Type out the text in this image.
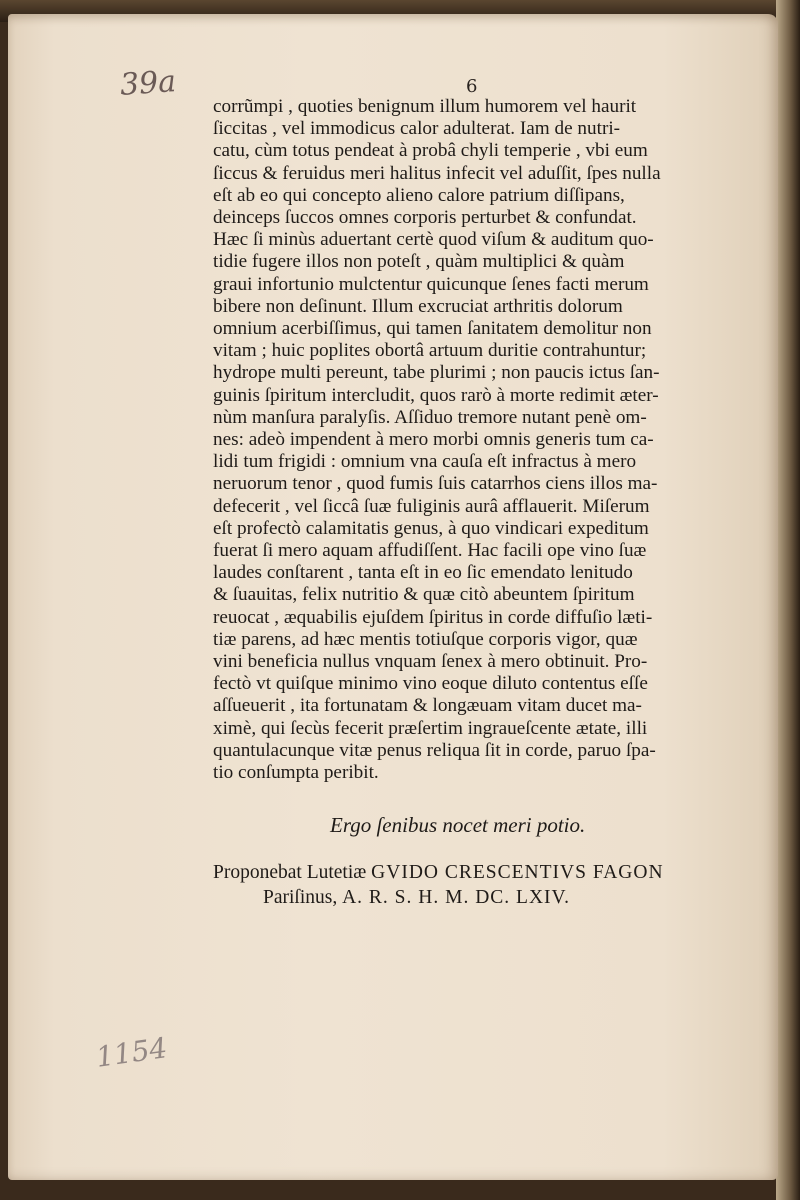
39a	6
corrũmpi , quoties benignum illum humorem vel haurit
ſiccitas , vel immodicus calor adulterat. Iam de nutri-
catu, cùm totus pendeat à probâ chyli temperie , vbi eum
ſiccus & feruidus meri halitus infecit vel aduſſit, ſpes nulla
eſt ab eo qui concepto alieno calore patrium diſſipans,
deinceps ſuccos omnes corporis perturbet & confundat.
Hæc ſi minùs aduertant certè quod viſum & auditum quo-
tidie fugere illos non poteſt , quàm multiplici & quàm
graui infortunio mulctentur quicunque ſenes facti merum
bibere non deſinunt. Illum excruciat arthritis dolorum
omnium acerbiſſimus, qui tamen ſanitatem demolitur non
vitam ; huic poplites obortâ artuum duritie contrahuntur;
hydrope multi pereunt, tabe plurimi ; non paucis ictus ſan-
guinis ſpiritum intercludit, quos rarò à morte redimit æter-
nùm manſura paralyſis. Aſſiduo tremore nutant penè om-
nes: adeò impendent à mero morbi omnis generis tum ca-
lidi tum frigidi : omnium vna cauſa eſt infractus à mero
neruorum tenor , quod fumis ſuis catarrhos ciens illos ma-
defecerit , vel ſiccâ ſuæ fuliginis aurâ afflauerit. Miſerum
eſt profectò calamitatis genus, à quo vindicari expeditum
fuerat ſi mero aquam affudiſſent. Hac facili ope vino ſuæ
laudes conſtarent , tanta eſt in eo ſic emendato lenitudo
& ſuauitas, felix nutritio & quæ citò abeuntem ſpiritum
reuocat , æquabilis ejuſdem ſpiritus in corde diffuſio læti-
tiæ parens, ad hæc mentis totiuſque corporis vigor, quæ
vini beneficia nullus vnquam ſenex à mero obtinuit. Pro-
fectò vt quiſque minimo vino eoque diluto contentus eſſe
aſſueuerit , ita fortunatam & longæuam vitam ducet ma-
ximè, qui ſecùs fecerit præſertim ingraueſcente ætate, illi
quantulacunque vitæ penus reliqua ſit in corde, paruo ſpa-
tio conſumpta peribit.
Ergo ſenibus nocet meri potio.
Proponebat Lutetiæ GVIDO CRESCENTIVS FAGON
Pariſinus, A. R. S. H. M. DC. LXIV.
1154
